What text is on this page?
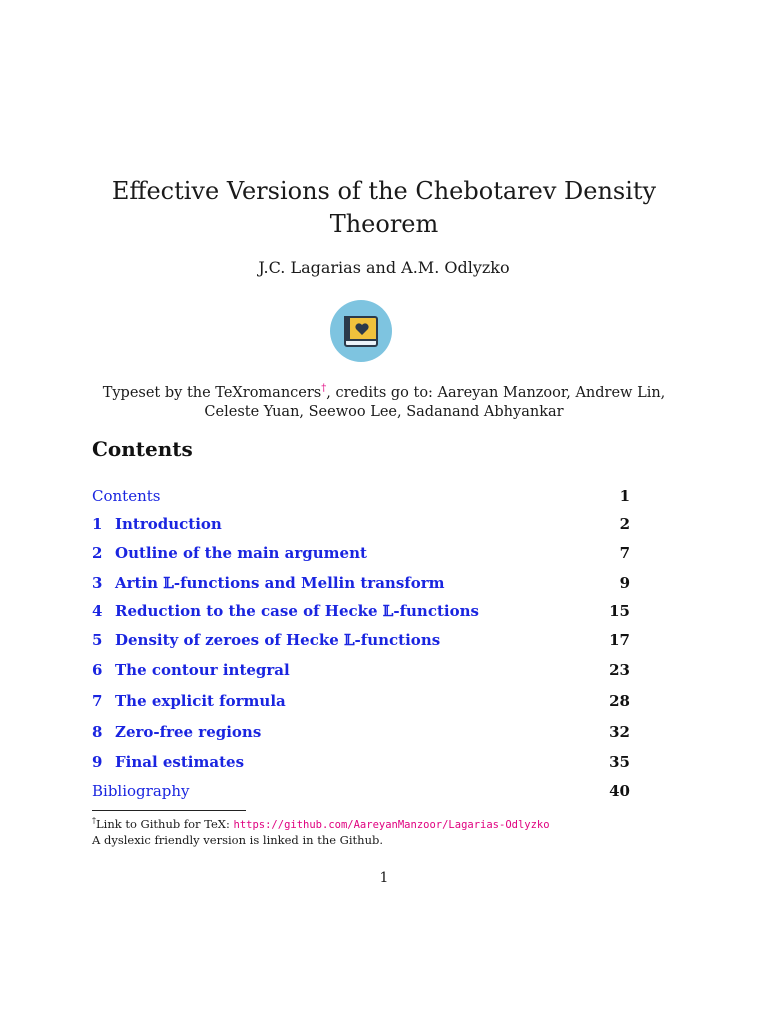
Effective Versions of the Chebotarev Density
Theorem
J.C. Lagarias and A.M. Odlyzko
Typeset by the TeXromancers†, credits go to: Aareyan Manzoor, Andrew Lin,
Celeste Yuan, Seewoo Lee, Sadanand Abhyankar
Contents
Contents	1
1 Introduction	2
2 Outline of the main argument	7
3 Artin 𝕃-functions and Mellin transform	9
4 Reduction to the case of Hecke 𝕃-functions	15
5 Density of zeroes of Hecke 𝕃-functions	17
6 The contour integral	23
7 The explicit formula	28
8 Zero-free regions	32
9 Final estimates	35
Bibliography	40
†Link to Github for TeX: https://github.com/AareyanManzoor/Lagarias-Odlyzko
A dyslexic friendly version is linked in the Github.
1
